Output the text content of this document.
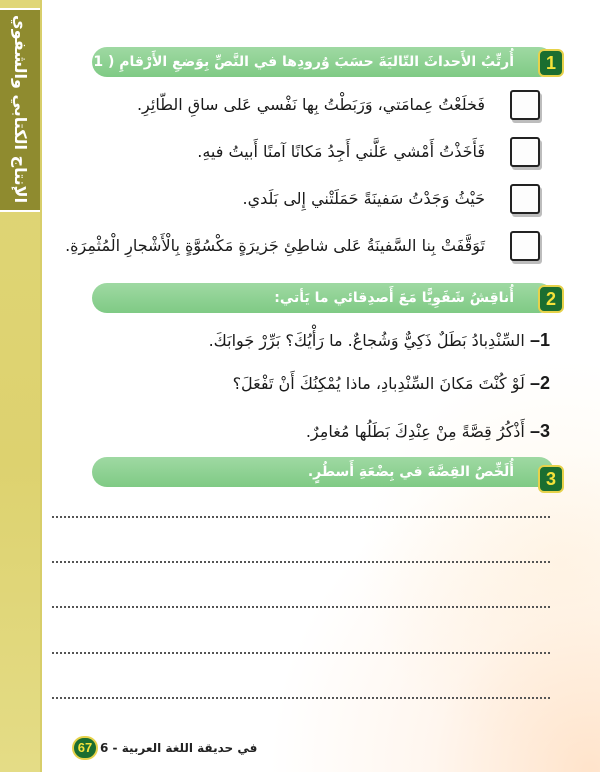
الإنتاج الكتابي والشفوي أُرتِّبُ الأَحداثَ التّاليَةَ حسَبَ وُرودِها في النَّصِّ بِوَضعِ الأَرْقامِ ( 1 – 4 )	1
فَخلَعْتُ عِمامَتي، وَرَبَطْتُ بِها نَفْسي عَلى ساقِ الطّائِرِ.
فَأَخَذْتُ أَمْشي عَلَّني أَجِدُ مَكانًا آمنًا أَبيتُ فيهِ.
حَيْثُ وَجَدْتُ سَفينَةً حَمَلَتْني إِلى بَلَدي.
تَوَقَّفَتْ بِنا السَّفينَةُ عَلى شاطِئِ جَزيرَةٍ مَكْسُوَّةٍ بِالْأَشْجارِ الْمُثْمِرَةِ.
أُناقِشُ شَفَوِيًّا مَعَ أَصدِقائي ما يَأتي:	2
1– السِّنْدِبادُ بَطَلٌ ذَكِيٌّ وَشُجاعٌ. ما رَأْيُكَ؟ بَرِّرْ جَوابَكَ.
2– لَوْ كُنْتَ مَكانَ السِّنْدِبادِ، ماذا يُمْكِنُكَ أَنْ تَفْعَلَ؟
3– أَذْكُرُ قِصَّةً مِنْ عِنْدِكَ بَطَلُها مُغامِرٌ.
أُلَخِّصُ القِصَّةَ في بِضْعَةِ أَسطُرٍ.	3
67 في حديقة اللغة العربية - 6
